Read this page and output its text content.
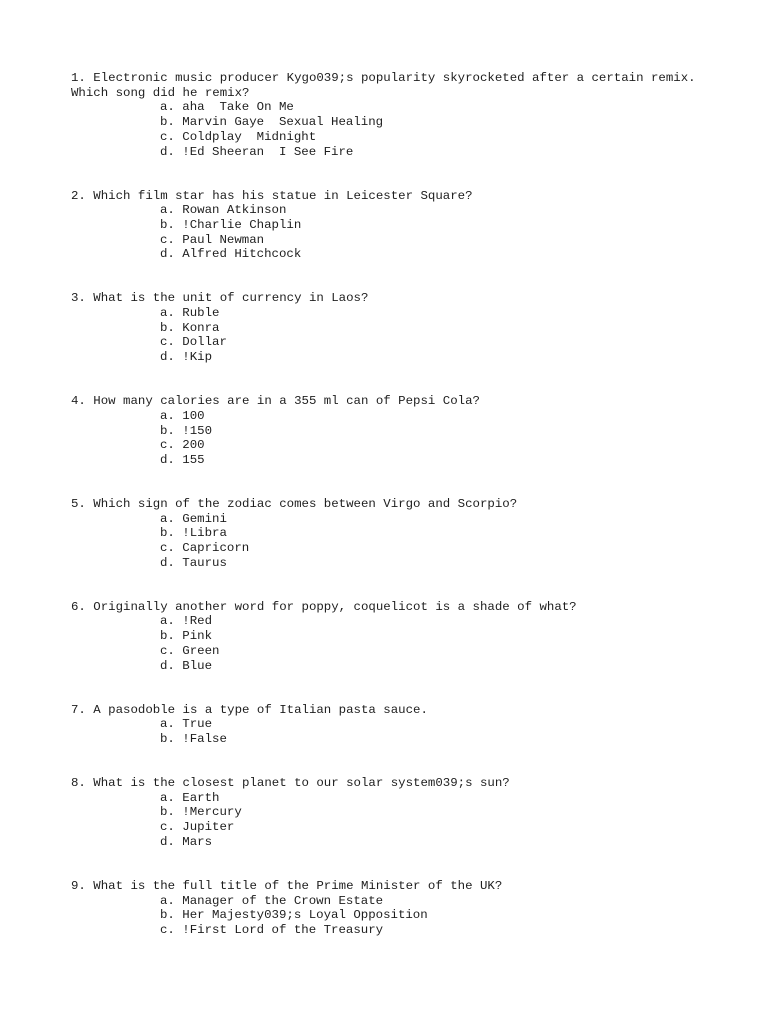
1. Electronic music producer Kygo039;s popularity skyrocketed after a certain remix. Which song did he remix?
a. aha  Take On Me
b. Marvin Gaye  Sexual Healing
c. Coldplay  Midnight
d. !Ed Sheeran  I See Fire
2. Which film star has his statue in Leicester Square?
a. Rowan Atkinson
b. !Charlie Chaplin
c. Paul Newman
d. Alfred Hitchcock
3. What is the unit of currency in Laos?
a. Ruble
b. Konra
c. Dollar
d. !Kip
4. How many calories are in a 355 ml can of Pepsi Cola?
a. 100
b. !150
c. 200
d. 155
5. Which sign of the zodiac comes between Virgo and Scorpio?
a. Gemini
b. !Libra
c. Capricorn
d. Taurus
6. Originally another word for poppy, coquelicot is a shade of what?
a. !Red
b. Pink
c. Green
d. Blue
7. A pasodoble is a type of Italian pasta sauce.
a. True
b. !False
8. What is the closest planet to our solar system039;s sun?
a. Earth
b. !Mercury
c. Jupiter
d. Mars
9. What is the full title of the Prime Minister of the UK?
a. Manager of the Crown Estate
b. Her Majesty039;s Loyal Opposition
c. !First Lord of the Treasury
